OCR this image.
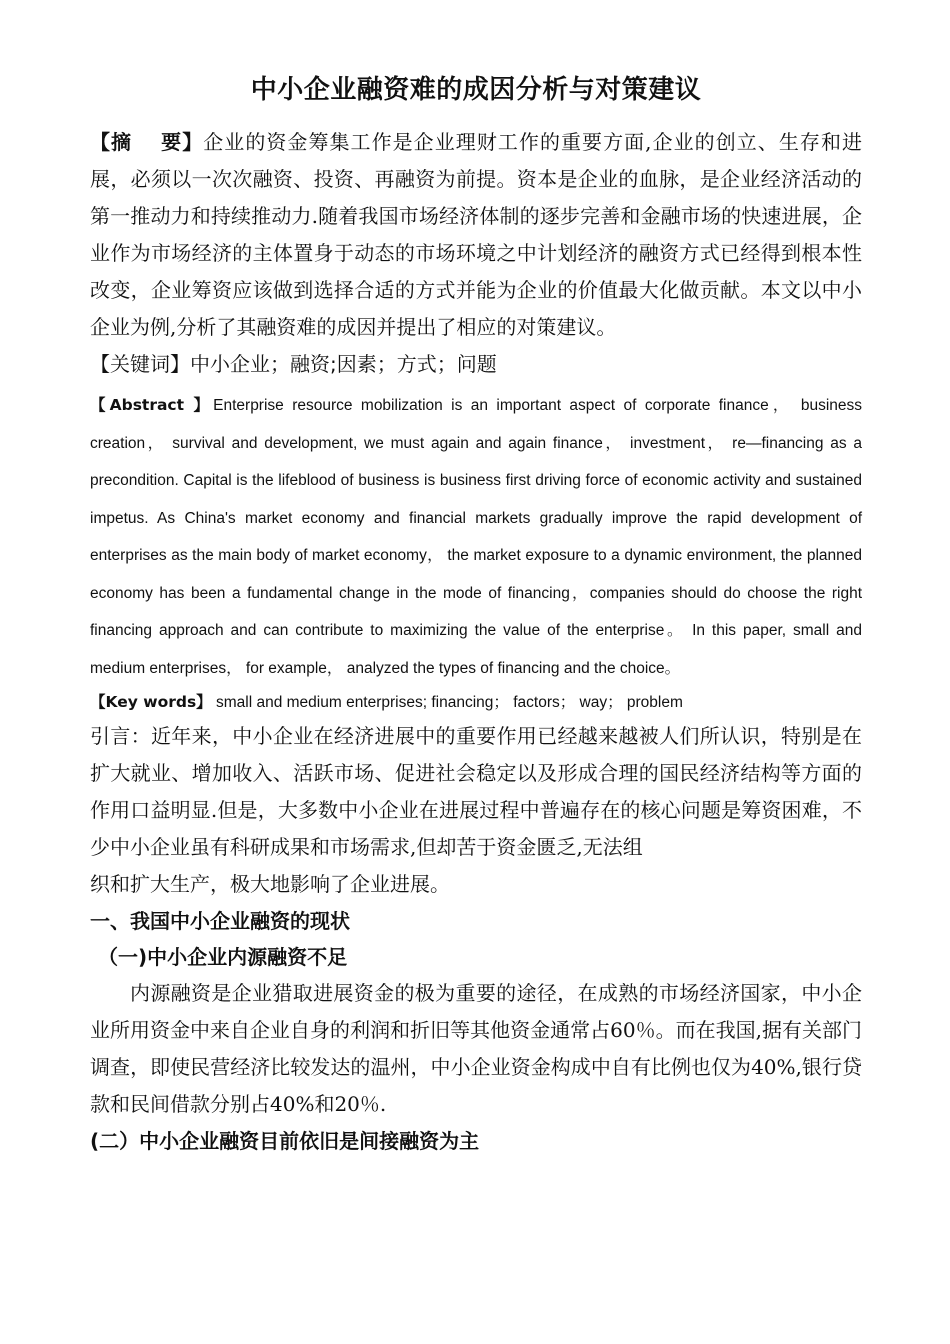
中小企业融资难的成因分析与对策建议

【摘　 要】企业的资金筹集工作是企业理财工作的重要方面,企业的创立、生存和进展，必须以一次次融资、投资、再融资为前提。资本是企业的血脉，是企业经济活动的第一推动力和持续推动力.随着我国市场经济体制的逐步完善和金融市场的快速进展，企业作为市场经济的主体置身于动态的市场环境之中计划经济的融资方式已经得到根本性改变，企业筹资应该做到选择合适的方式并能为企业的价值最大化做贡献。本文以中小企业为例,分析了其融资难的成因并提出了相应的对策建议。

【关键词】中小企业；融资;因素；方式；问题

【Abstract 】Enterprise resource mobilization is an important aspect of corporate finance， business creation， survival and development, we must again and again finance， investment， re—financing as a precondition. Capital is the lifeblood of business is business first driving force of economic activity and sustained impetus. As China's market economy and financial markets gradually improve the rapid development of enterprises as the main body of market economy， the market exposure to a dynamic environment, the planned economy has been a fundamental change in the mode of financing，companies should do choose the right financing approach and can contribute to maximizing the value of the enterprise。 In this paper, small and medium enterprises， for example， analyzed the types of financing and the choice。

【Key words】 small and medium enterprises; financing； factors； way； problem

引言：近年来，中小企业在经济进展中的重要作用已经越来越被人们所认识，特别是在扩大就业、增加收入、活跃市场、促进社会稳定以及形成合理的国民经济结构等方面的作用口益明显.但是，大多数中小企业在进展过程中普遍存在的核心问题是筹资困难，不少中小企业虽有科研成果和市场需求,但却苦于资金匮乏,无法组

织和扩大生产，极大地影响了企业进展。

一、我国中小企业融资的现状

（一)中小企业内源融资不足

内源融资是企业猎取进展资金的极为重要的途径，在成熟的市场经济国家，中小企业所用资金中来自企业自身的利润和折旧等其他资金通常占60％。而在我国,据有关部门调查，即使民营经济比较发达的温州，中小企业资金构成中自有比例也仅为40%,银行贷款和民间借款分别占40%和20％.

(二）中小企业融资目前依旧是间接融资为主
